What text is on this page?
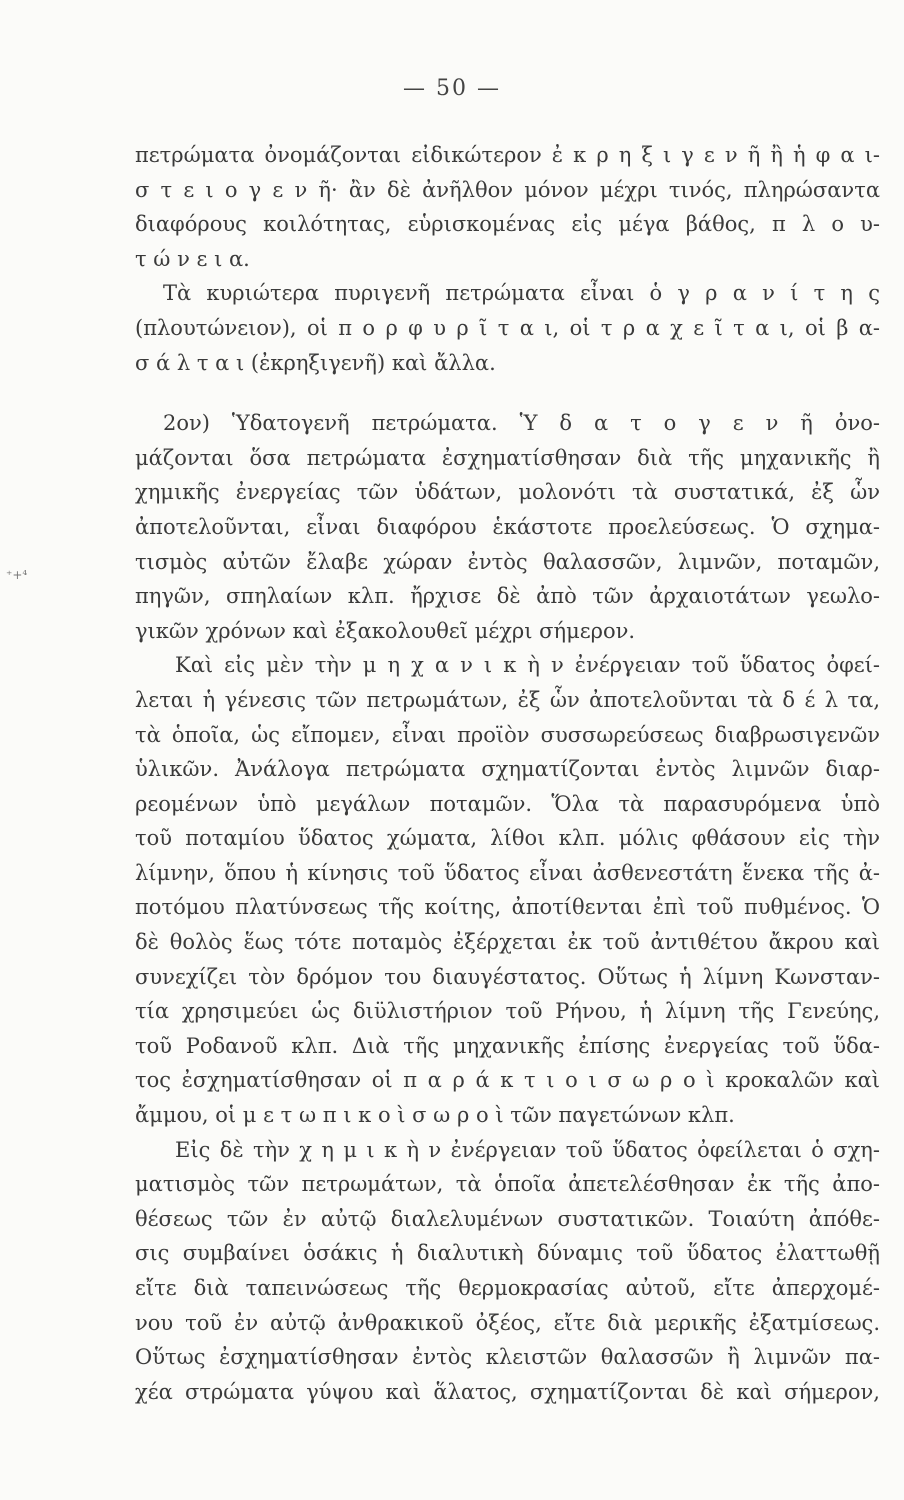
— 50 —
⁺+⁴
πετρώματα ὀνομάζονται εἰδικώτερον ἐ κ ρ η ξ ι γ ε ν ῆ ἢ ἡ φ α ι-
σ τ ε ι ο γ ε ν ῆ· ἂν δὲ ἀνῆλθον μόνον μέχρι τινός, πληρώσαντα
διαφόρους κοιλότητας, εὑρισκομένας εἰς μέγα βάθος, π λ ο υ-
τ ώ ν ε ι α.
Τὰ κυριώτερα πυριγενῆ πετρώματα εἶναι ὁ γ ρ α ν ί τ η ς
(πλουτώνειον), οἱ π ο ρ φ υ ρ ῖ τ α ι, οἱ τ ρ α χ ε ῖ τ α ι, οἱ β α-
σ ά λ τ α ι (ἐκρηξιγενῆ) καὶ ἄλλα.
2ον) Ὑδατογενῆ πετρώματα. Ὑ δ α τ ο γ ε ν ῆ ὀνο-
μάζονται ὅσα πετρώματα ἐσχηματίσθησαν διὰ τῆς μηχανικῆς ἢ
χημικῆς ἐνεργείας τῶν ὑδάτων, μολονότι τὰ συστατικά, ἐξ ὧν
ἀποτελοῦνται, εἶναι διαφόρου ἑκάστοτε προελεύσεως. Ὁ σχημα-
τισμὸς αὐτῶν ἔλαβε χώραν ἐντὸς θαλασσῶν, λιμνῶν, ποταμῶν,
πηγῶν, σπηλαίων κλπ. ἤρχισε δὲ ἀπὸ τῶν ἀρχαιοτάτων γεωλο-
γικῶν χρόνων καὶ ἐξακολουθεῖ μέχρι σήμερον.
Καὶ εἰς μὲν τὴν μ η χ α ν ι κ ὴ ν ἐνέργειαν τοῦ ὕδατος ὀφεί-
λεται ἡ γένεσις τῶν πετρωμάτων, ἐξ ὧν ἀποτελοῦνται τὰ δ έ λ τα,
τὰ ὁποῖα, ὡς εἴπομεν, εἶναι προϊὸν συσσωρεύσεως διαβρωσιγενῶν
ὑλικῶν. Ἀνάλογα πετρώματα σχηματίζονται ἐντὸς λιμνῶν διαρ-
ρεομένων ὑπὸ μεγάλων ποταμῶν. Ὅλα τὰ παρασυρόμενα ὑπὸ
τοῦ ποταμίου ὕδατος χώματα, λίθοι κλπ. μόλις φθάσουν εἰς τὴν
λίμνην, ὅπου ἡ κίνησις τοῦ ὕδατος εἶναι ἀσθενεστάτη ἕνεκα τῆς ἀ-
ποτόμου πλατύνσεως τῆς κοίτης, ἀποτίθενται ἐπὶ τοῦ πυθμένος. Ὁ
δὲ θολὸς ἕως τότε ποταμὸς ἐξέρχεται ἐκ τοῦ ἀντιθέτου ἄκρου καὶ
συνεχίζει τὸν δρόμον του διαυγέστατος. Οὕτως ἡ λίμνη Κωνσταν-
τία χρησιμεύει ὡς διϋλιστήριον τοῦ Ρήνου, ἡ λίμνη τῆς Γενεύης,
τοῦ Ροδανοῦ κλπ. Διὰ τῆς μηχανικῆς ἐπίσης ἐνεργείας τοῦ ὕδα-
τος ἐσχηματίσθησαν οἱ π α ρ ά κ τ ι ο ι σ ω ρ ο ὶ κροκαλῶν καὶ
ἄμμου, οἱ μ ε τ ω π ι κ ο ὶ σ ω ρ ο ὶ τῶν παγετώνων κλπ.
Εἰς δὲ τὴν χ η μ ι κ ὴ ν ἐνέργειαν τοῦ ὕδατος ὀφείλεται ὁ σχη-
ματισμὸς τῶν πετρωμάτων, τὰ ὁποῖα ἀπετελέσθησαν ἐκ τῆς ἀπο-
θέσεως τῶν ἐν αὐτῷ διαλελυμένων συστατικῶν. Τοιαύτη ἀπόθε-
σις συμβαίνει ὁσάκις ἡ διαλυτικὴ δύναμις τοῦ ὕδατος ἐλαττωθῇ
εἴτε διὰ ταπεινώσεως τῆς θερμοκρασίας αὐτοῦ, εἴτε ἀπερχομέ-
νου τοῦ ἐν αὐτῷ ἀνθρακικοῦ ὀξέος, εἴτε διὰ μερικῆς ἐξατμίσεως.
Οὕτως ἐσχηματίσθησαν ἐντὸς κλειστῶν θαλασσῶν ἢ λιμνῶν πα-
χέα στρώματα γύψου καὶ ἅλατος, σχηματίζονται δὲ καὶ σήμερον,
